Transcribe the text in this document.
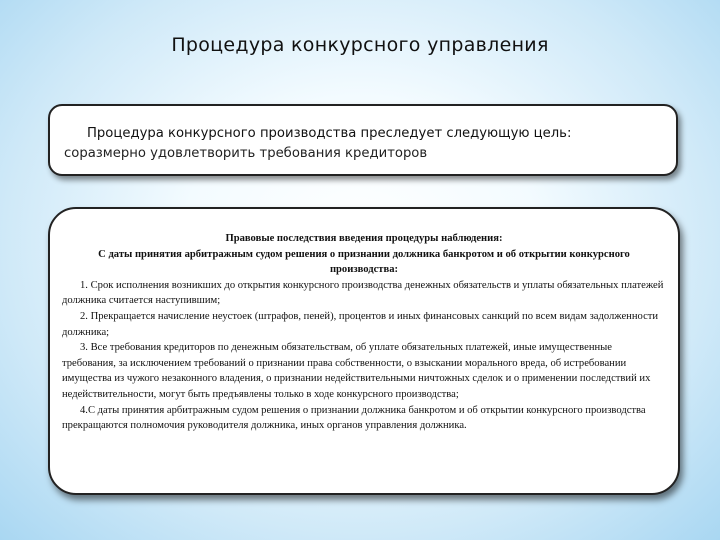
Процедура конкурсного управления
Процедура конкурсного производства преследует следующую цель:
соразмерно удовлетворить требования кредиторов
Правовые последствия введения процедуры наблюдения:
С даты принятия арбитражным судом решения о признании должника банкротом и об открытии конкурсного производства:
1. Срок исполнения возникших до открытия конкурсного производства денежных обязательств и уплаты обязательных платежей должника считается наступившим;
2. Прекращается начисление неустоек (штрафов, пеней), процентов и иных финансовых санкций по всем видам задолженности должника;
3. Все требования кредиторов по денежным обязательствам, об уплате обязательных платежей, иные имущественные требования, за исключением требований о признании права собственности, о взыскании морального вреда, об истребовании имущества из чужого незаконного владения, о признании недействительными ничтожных сделок и о применении последствий их недействительности, могут быть предъявлены только в ходе конкурсного производства;
4.С даты принятия арбитражным судом решения о признании должника банкротом и об открытии конкурсного производства прекращаются полномочия руководителя должника, иных органов управления должника.
